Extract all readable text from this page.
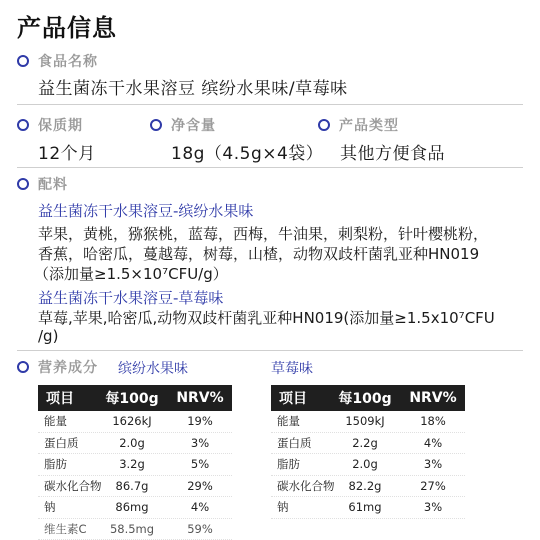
产品信息
食品名称
益生菌冻干水果溶豆 缤纷水果味/草莓味
保质期
12个月
净含量
18g（4.5g×4袋）
产品类型
其他方便食品
配料
益生菌冻干水果溶豆-缤纷水果味
苹果，黄桃，猕猴桃，蓝莓，西梅，牛油果，刺梨粉，针叶樱桃粉，
香蕉，哈密瓜，蔓越莓，树莓，山楂，动物双歧杆菌乳亚种HN019
（添加量≥1.5×10⁷CFU/g）
益生菌冻干水果溶豆-草莓味
草莓,苹果,哈密瓜,动物双歧杆菌乳亚种HN019(添加量≥1.5x10⁷CFU
/g)
营养成分 缤纷水果味	草莓味
项目	每100g	NRV%
能量	1626kJ	19%
蛋白质	2.0g	3%
脂肪	3.2g	5%
碳水化合物	86.7g	29%
钠	86mg	4%
维生素C	58.5mg	59%
项目	每100g	NRV%
能量	1509kJ	18%
蛋白质	2.2g	4%
脂肪	2.0g	3%
碳水化合物	82.2g	27%
钠	61mg	3%
